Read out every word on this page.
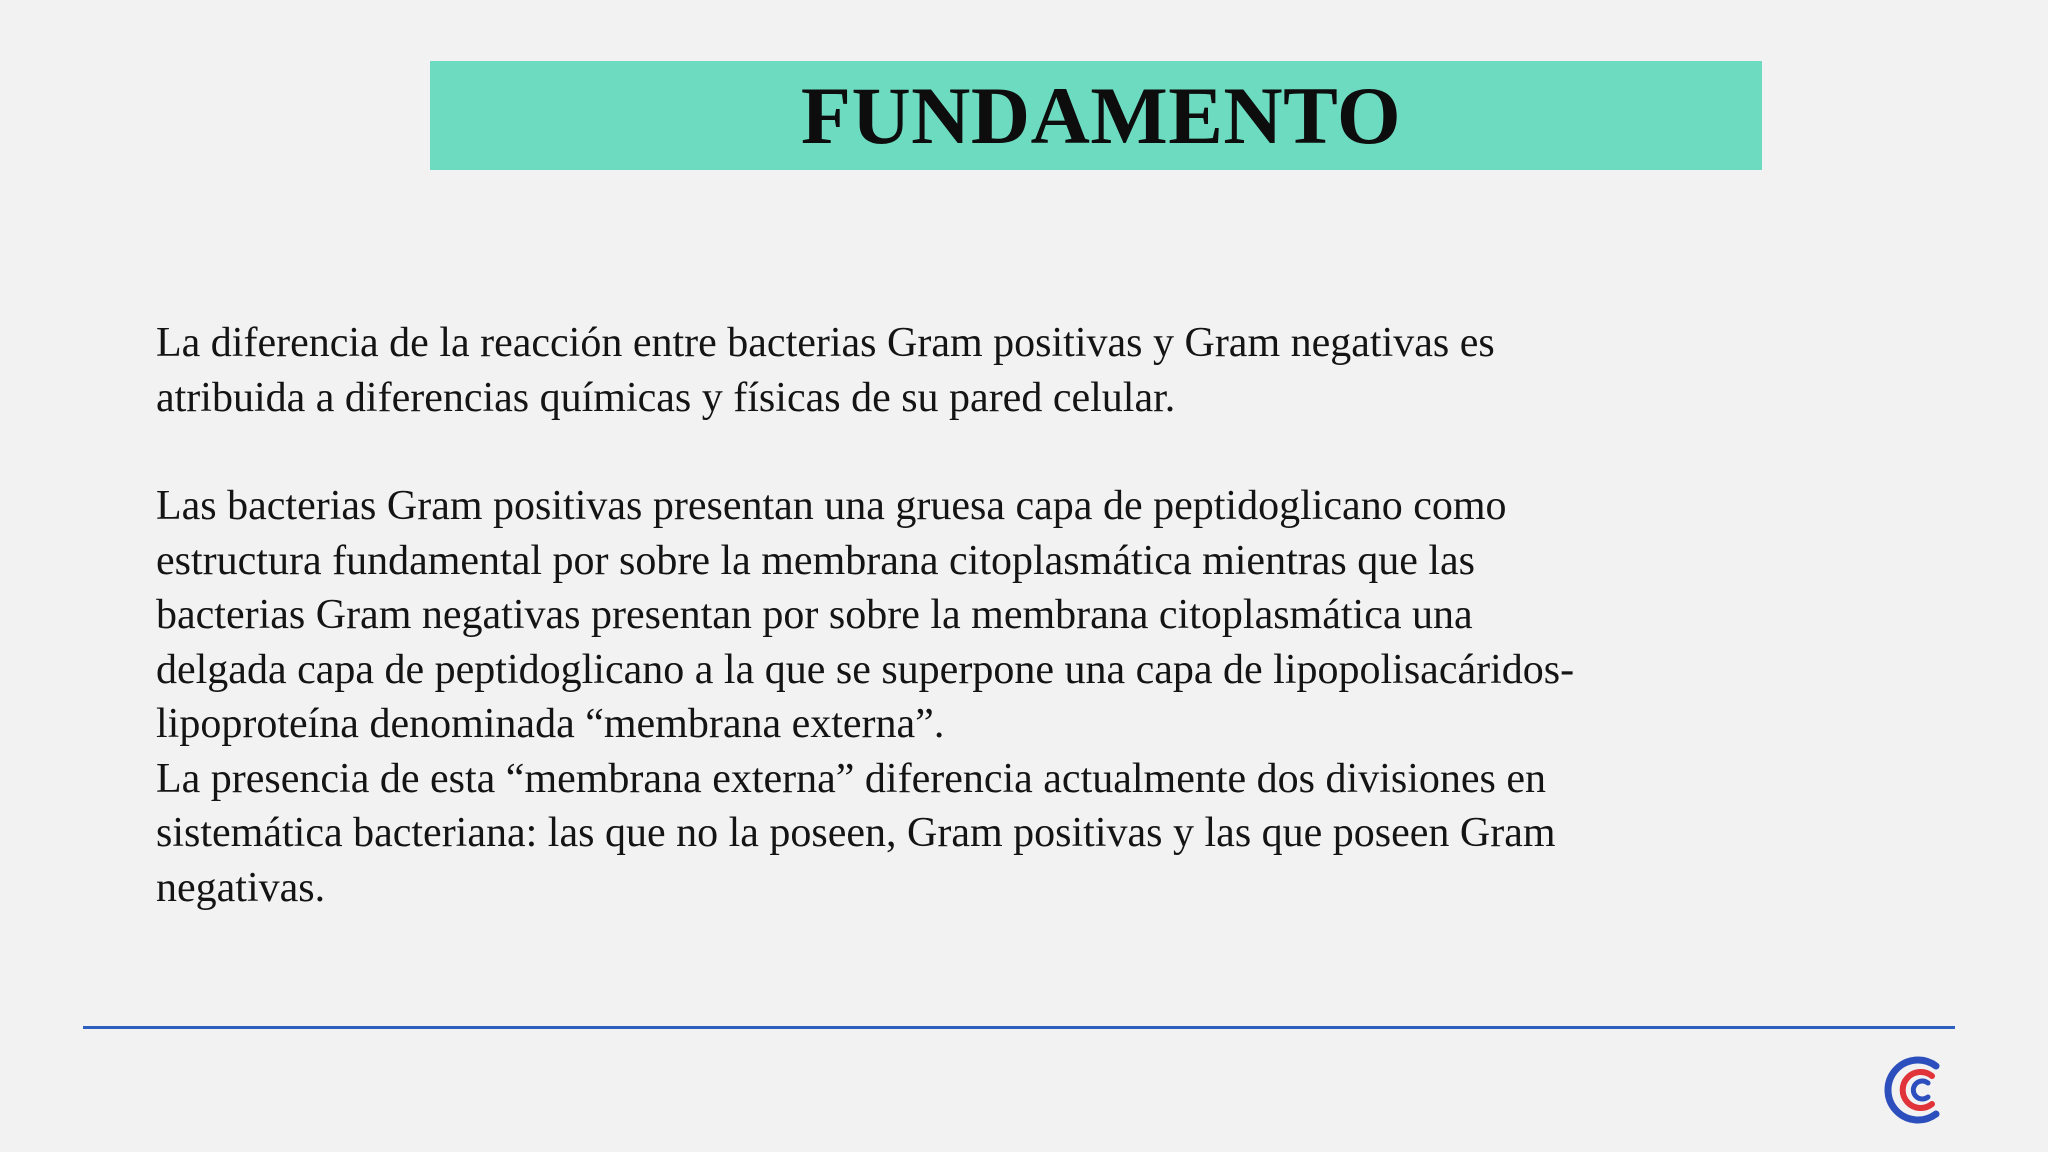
FUNDAMENTO

La diferencia de la reacción entre bacterias Gram positivas y Gram negativas es
atribuida a diferencias químicas y físicas de su pared celular.

Las bacterias Gram positivas presentan una gruesa capa de peptidoglicano como
estructura fundamental por sobre la membrana citoplasmática mientras que las
bacterias Gram negativas presentan por sobre la membrana citoplasmática una
delgada capa de peptidoglicano a la que se superpone una capa de lipopolisacáridos-
lipoproteína denominada “membrana externa”.
La presencia de esta “membrana externa” diferencia actualmente dos divisiones en
sistemática bacteriana: las que no la poseen, Gram positivas y las que poseen Gram
negativas.
